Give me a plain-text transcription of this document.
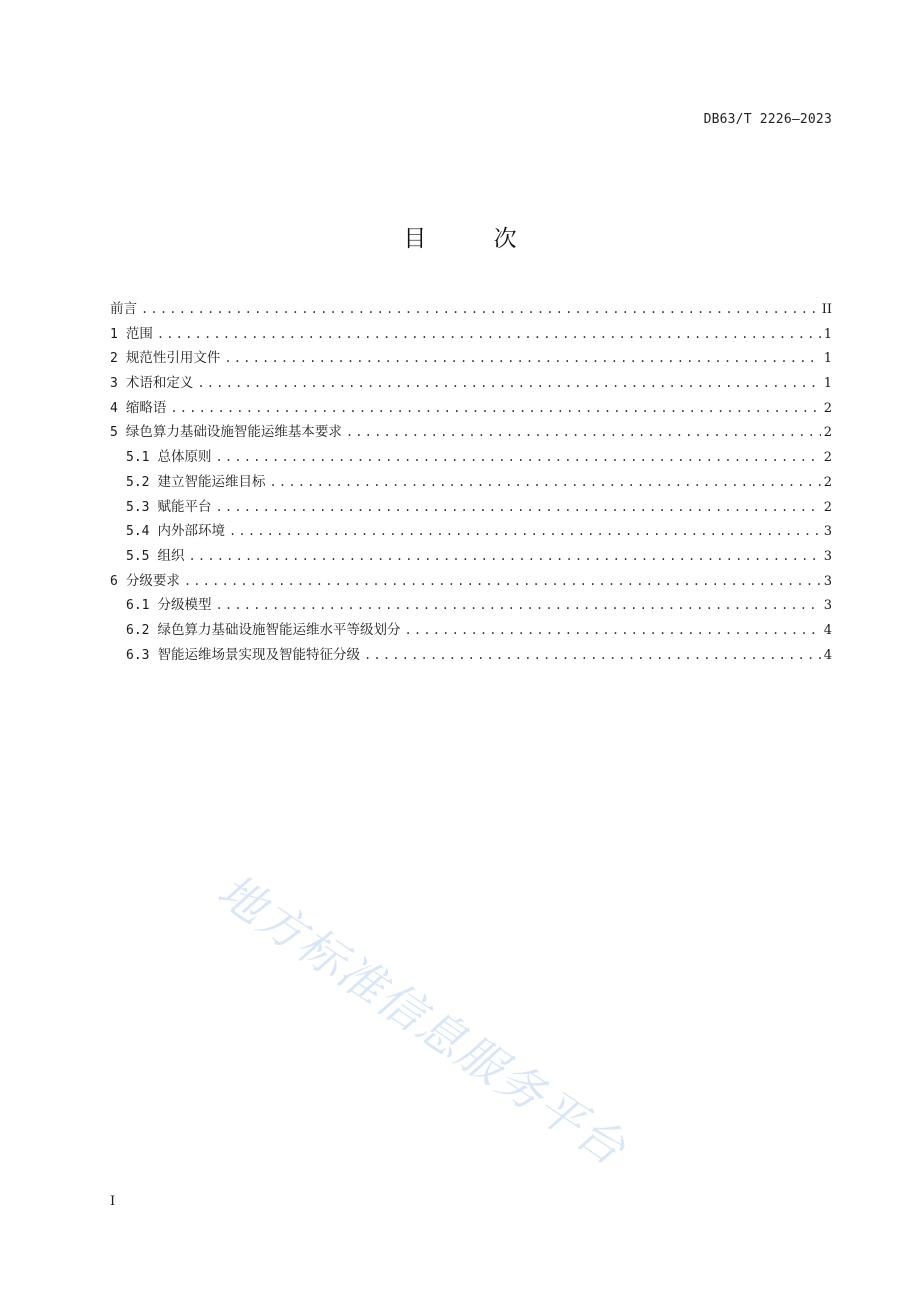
DB63/T 2226—2023
目 次
前言 .....	II
1 范围 .....	1
2 规范性引用文件 .....	1
3 术语和定义 .....	1
4 缩略语 .....	2
5 绿色算力基础设施智能运维基本要求 .....	2
5.1 总体原则 .....	2
5.2 建立智能运维目标 .....	2
5.3 赋能平台 .....	2
5.4 内外部环境 .....	3
5.5 组织 .....	3
6 分级要求 .....	3
6.1 分级模型 .....	3
6.2 绿色算力基础设施智能运维水平等级划分 .....	4
6.3 智能运维场景实现及智能特征分级 .....	4
地方标准信息服务平台
I
